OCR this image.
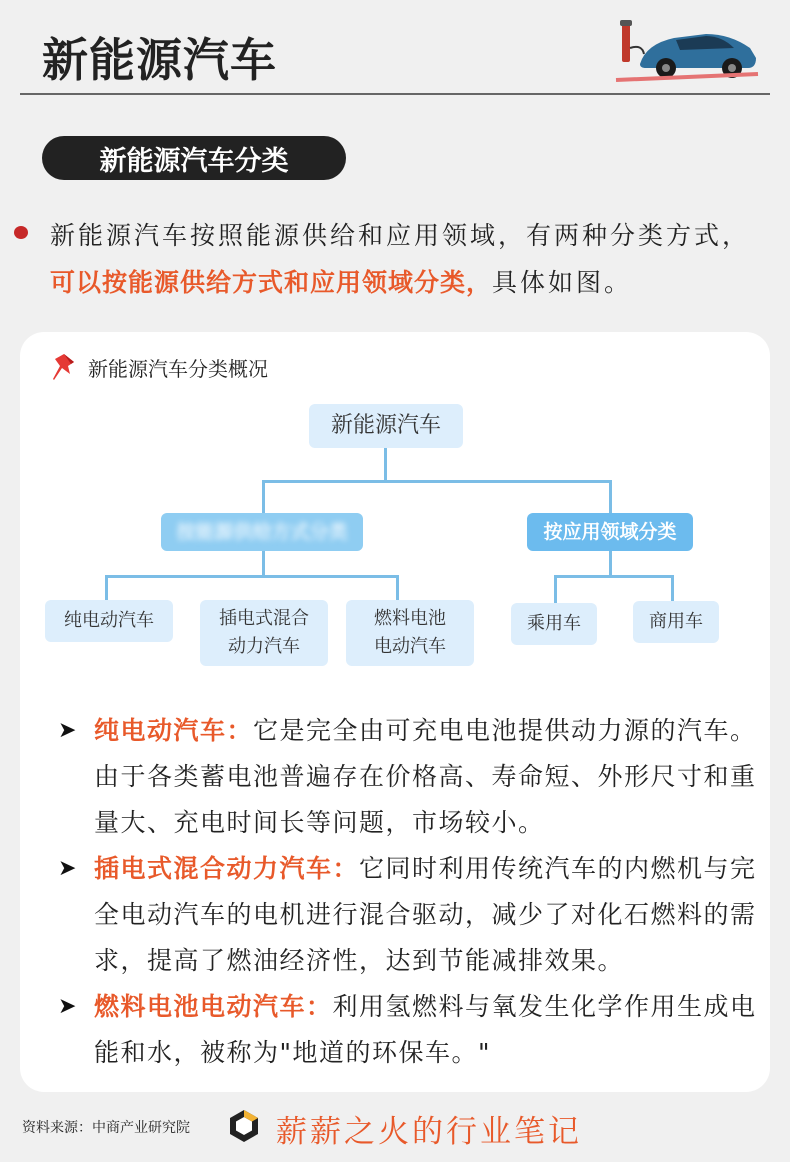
新能源汽车
新能源汽车分类
新能源汽车按照能源供给和应用领域，有两种分类方式，可以按能源供给方式和应用领域分类，具体如图。
新能源汽车分类概况
新能源汽车
按能源供给方式分类	按应用领域分类
纯电动汽车	插电式混合
动力汽车
燃料电池
电动汽车
乘用车	商用车
➤ 纯电动汽车：它是完全由可充电电池提供动力源的汽车。由于各类蓄电池普遍存在价格高、寿命短、外形尺寸和重量大、充电时间长等问题，市场较小。
➤ 插电式混合动力汽车：它同时利用传统汽车的内燃机与完全电动汽车的电机进行混合驱动，减少了对化石燃料的需求，提高了燃油经济性，达到节能减排效果。
➤ 燃料电池电动汽车：利用氢燃料与氧发生化学作用生成电能和水，被称为"地道的环保车。"
资料来源：中商产业研究院	薪薪之火的行业笔记
